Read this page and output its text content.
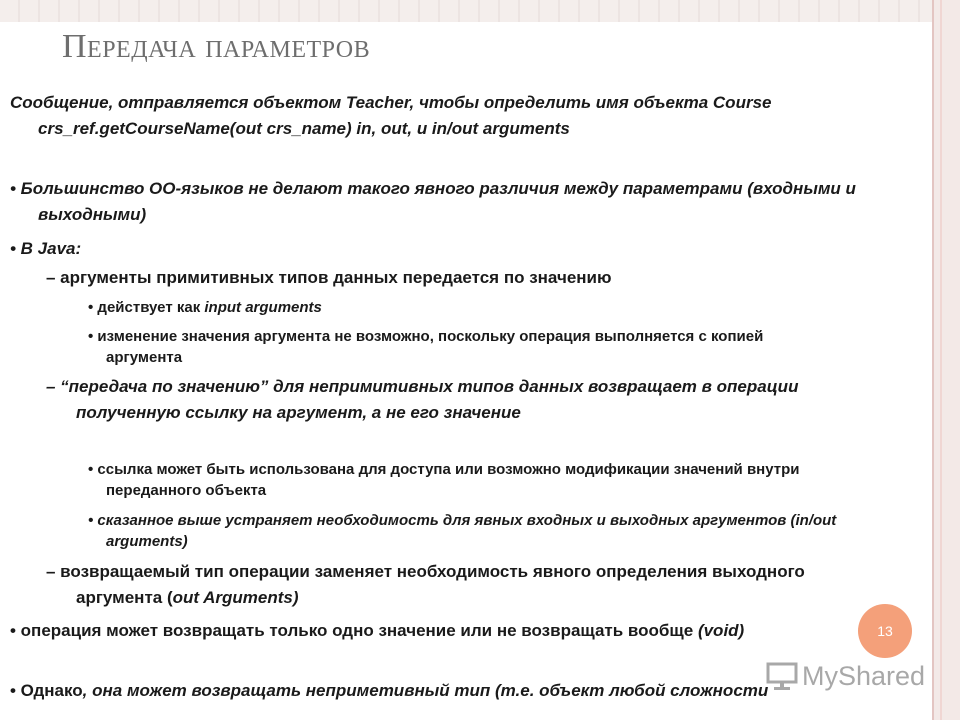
Передача параметров
Сообщение, отправляется объектом Teacher, чтобы определить имя объекта Course crs_ref.getCourseName(out crs_name) in, out, и in/out arguments
• Большинство ОО-языков не делают такого явного различия между параметрами (входными и выходными)
• В Java:
– аргументы примитивных типов данных передается по значению
• действует как input arguments
• изменение значения аргумента не возможно, поскольку операция выполняется с копией аргумента
– “передача по значению” для непримитивных типов данных возвращает в операции полученную ссылку на аргумент, а не его значение
• ссылка может быть использована для доступа или возможно модификации значений внутри переданного объекта
• сказанное выше устраняет необходимость для явных входных и выходных аргументов (in/out arguments)
– возвращаемый тип операции заменяет необходимость явного определения выходного аргумента (out Arguments)
• операция может возвращать только одно значение или не возвращать вообще (void)
• Однако, она может возвращать неприметивный тип (т.е. объект любой сложности
13
MyShared
